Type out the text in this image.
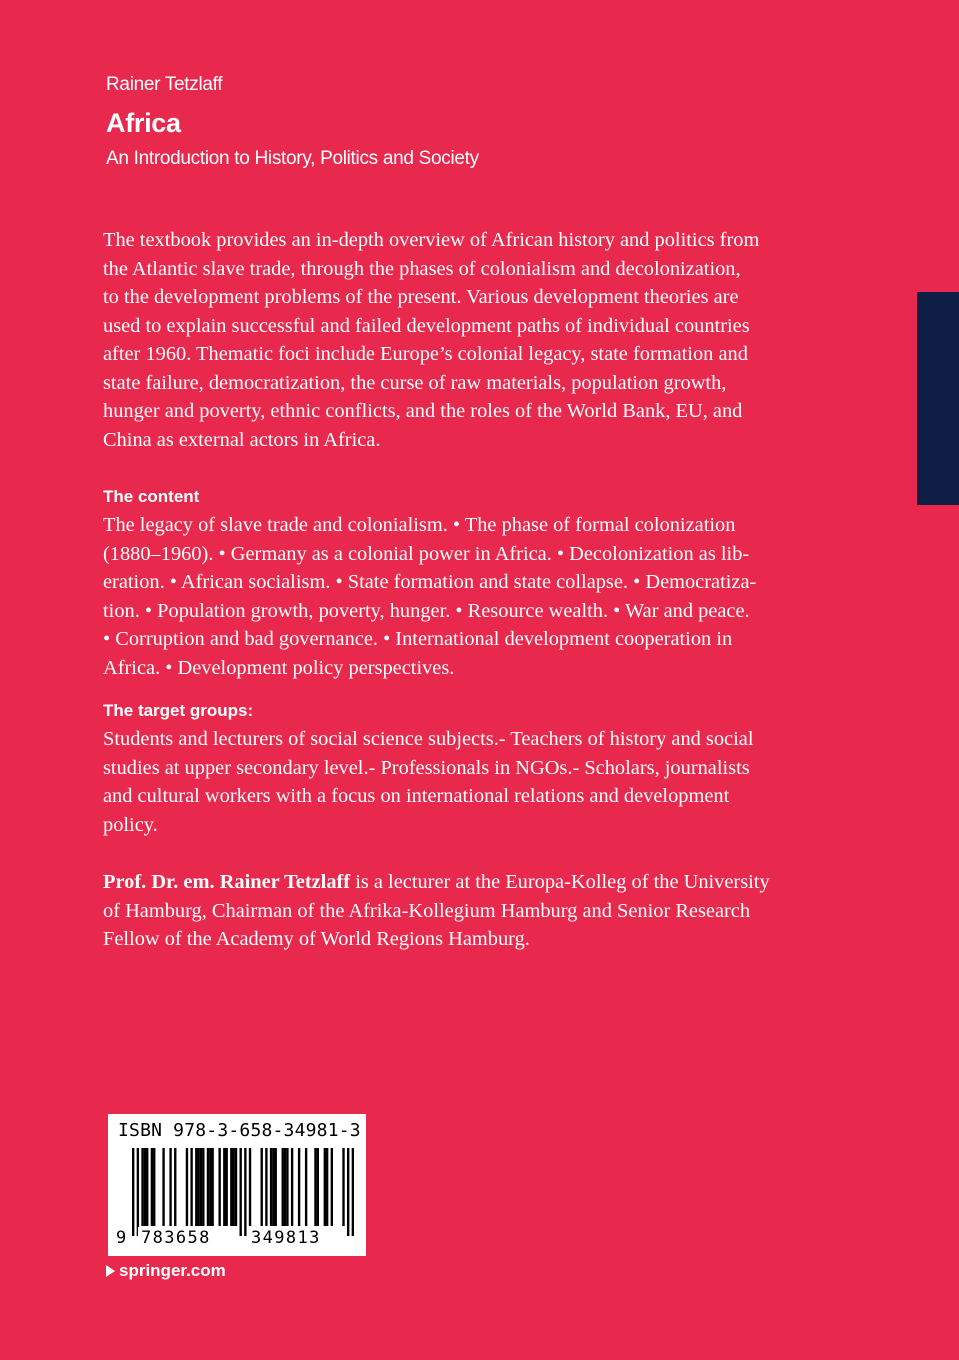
Rainer Tetzlaff
Africa
An Introduction to History, Politics and Society
The textbook provides an in-depth overview of African history and politics from
the Atlantic slave trade, through the phases of colonialism and decolonization,
to the development problems of the present. Various development theories are
used to explain successful and failed development paths of individual countries
after 1960. Thematic foci include Europe’s colonial legacy, state formation and
state failure, democratization, the curse of raw materials, population growth,
hunger and poverty, ethnic conflicts, and the roles of the World Bank, EU, and
China as external actors in Africa.
The content
The legacy of slave trade and colonialism. • The phase of formal colonization
(1880–1960). • Germany as a colonial power in Africa. • Decolonization as lib-
eration. • African socialism. • State formation and state collapse. • Democratiza-
tion. • Population growth, poverty, hunger. • Resource wealth. • War and peace.
• Corruption and bad governance. • International development cooperation in
Africa. • Development policy perspectives.
The target groups:
Students and lecturers of social science subjects.- Teachers of history and social
studies at upper secondary level.- Professionals in NGOs.- Scholars, journalists
and cultural workers with a focus on international relations and development
policy.
Prof. Dr. em. Rainer Tetzlaff is a lecturer at the Europa-Kolleg of the University
of Hamburg, Chairman of the Afrika-Kollegium Hamburg and Senior Research
Fellow of the Academy of World Regions Hamburg.
ISBN 978-3-658-34981-3
9 783658 349813
springer.com
